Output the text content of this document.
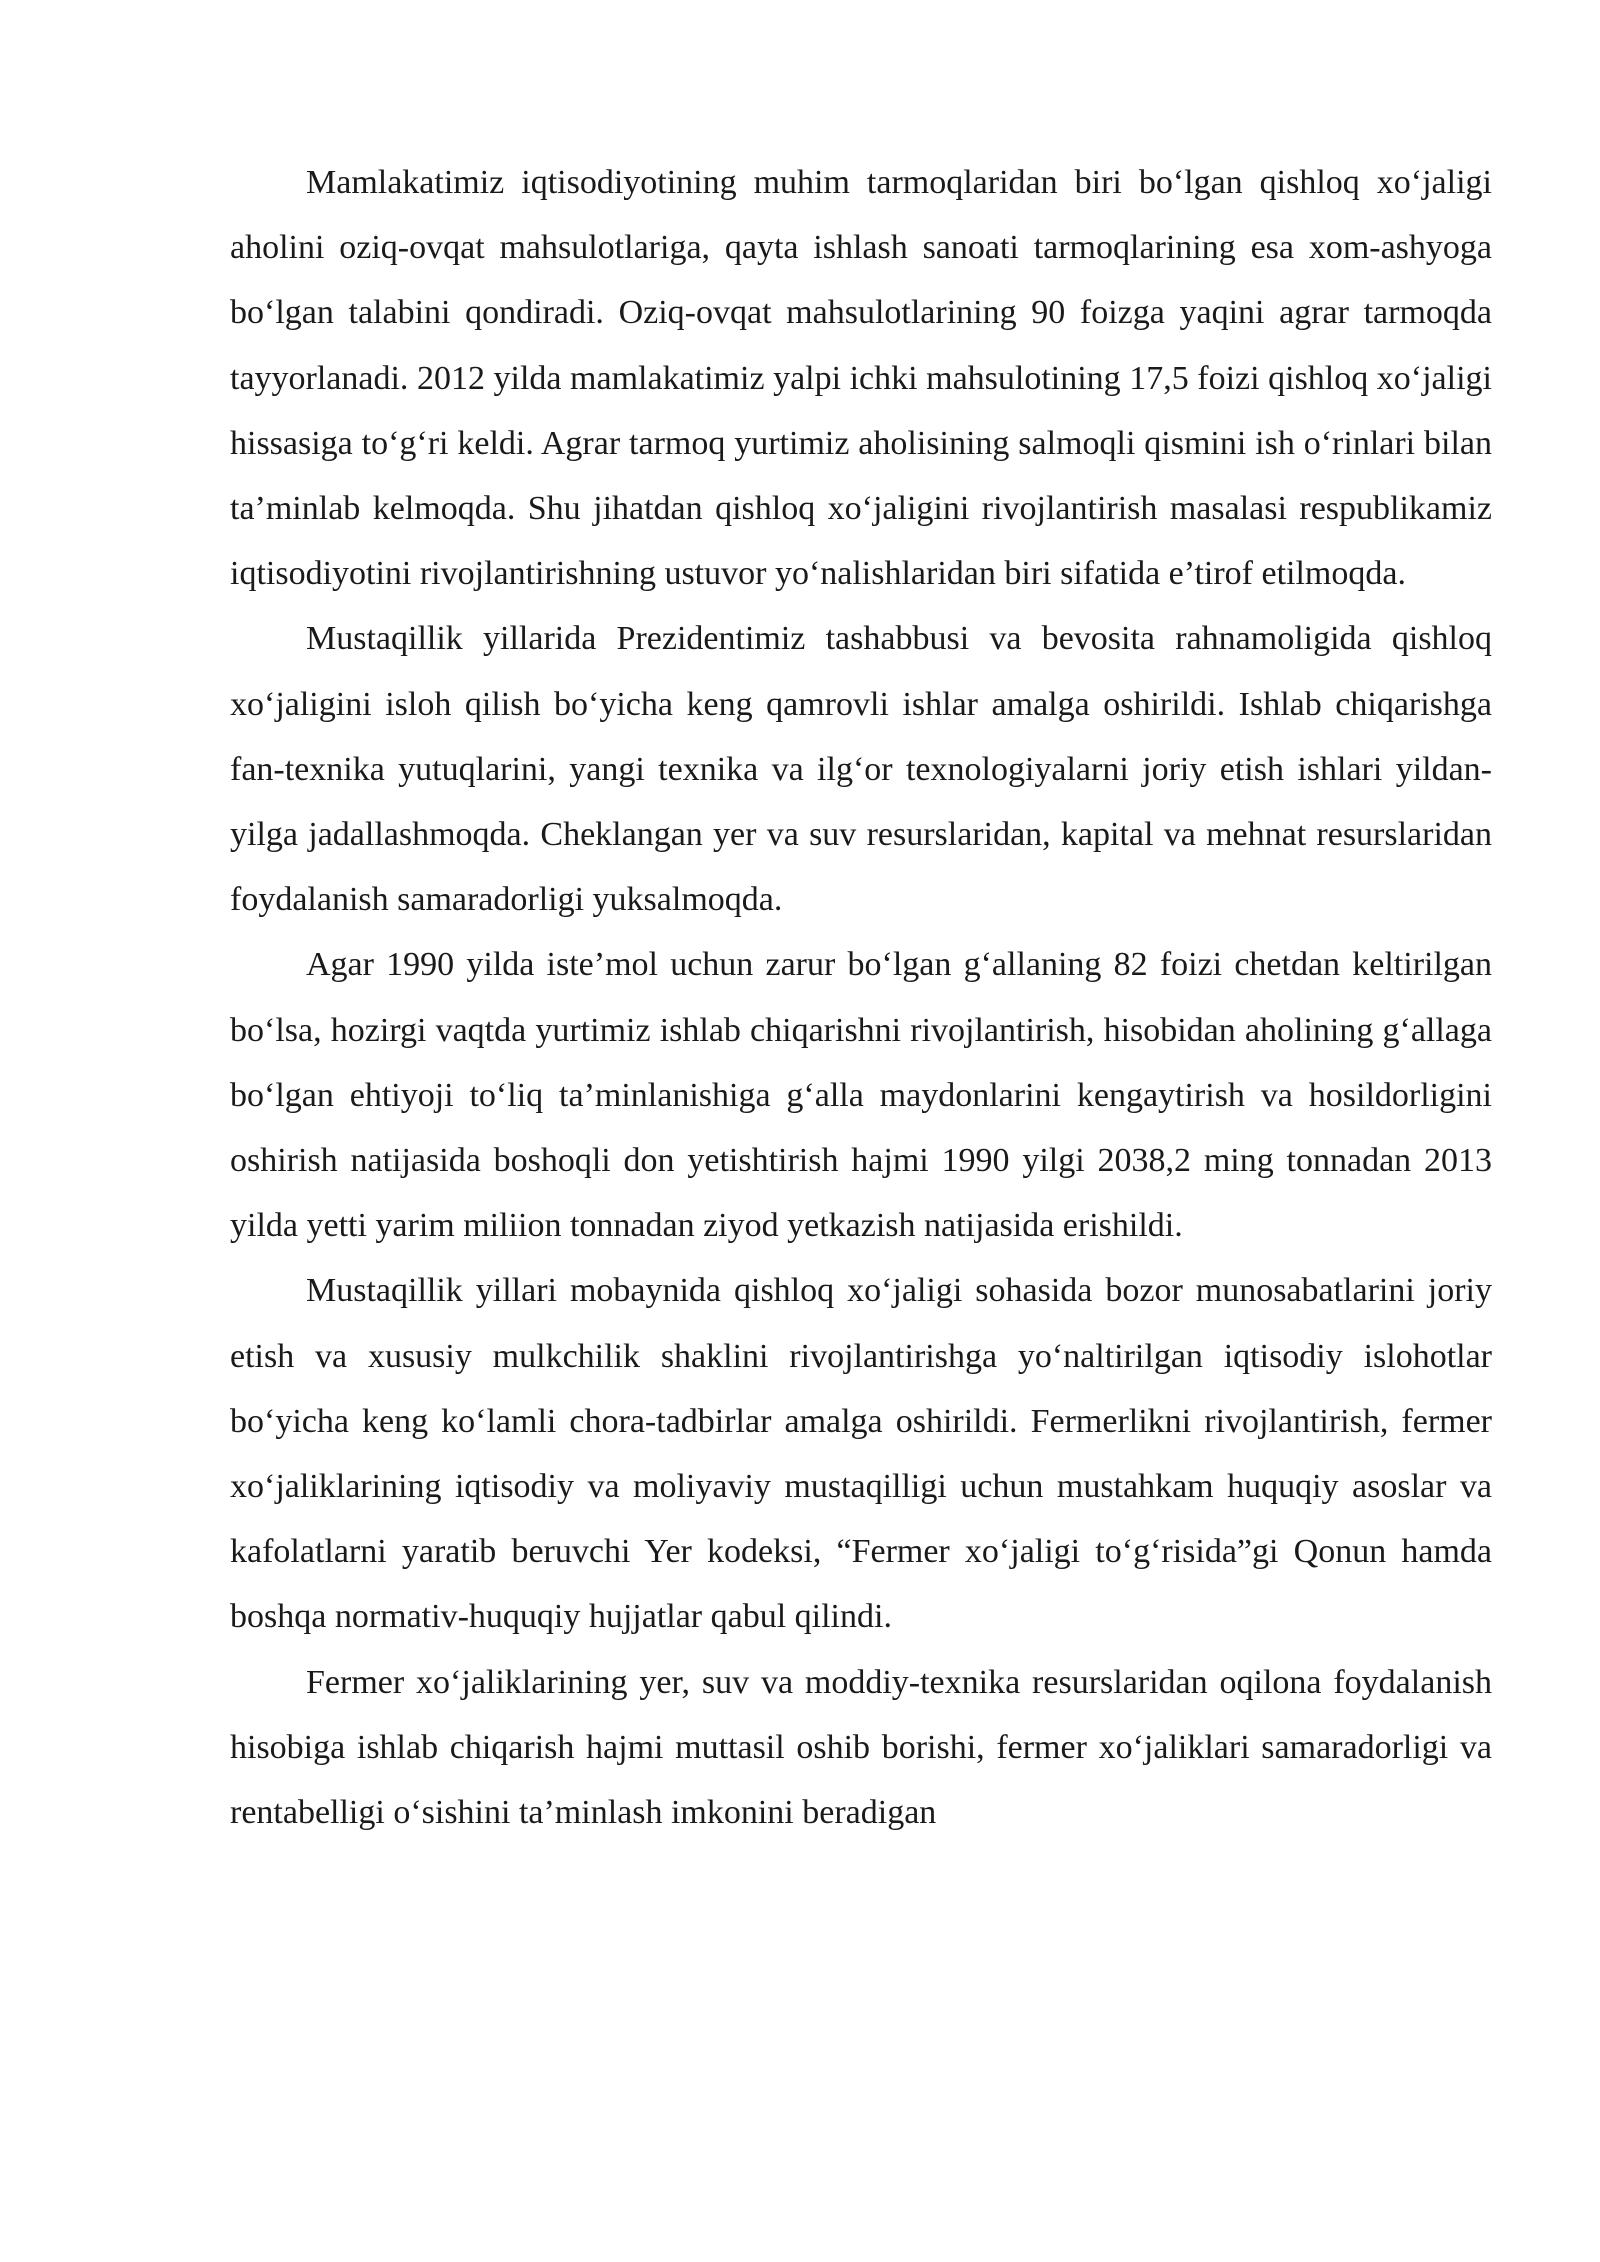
Mamlakatimiz iqtisodiyotining muhim tarmoqlaridan biri bo‘lgan qishloq xo‘jaligi aholini oziq-ovqat mahsulotlariga, qayta ishlash sanoati tarmoqlarining esa xom-ashyoga bo‘lgan talabini qondiradi. Oziq-ovqat mahsulotlarining 90 foizga yaqini agrar tarmoqda tayyorlanadi. 2012 yilda mamlakatimiz yalpi ichki mahsulotining 17,5 foizi qishloq xo‘jaligi hissasiga to‘g‘ri keldi. Agrar tarmoq yurtimiz aholisining salmoqli qismini ish o‘rinlari bilan ta’minlab kelmoqda. Shu jihatdan qishloq xo‘jaligini rivojlantirish masalasi respublikamiz iqtisodiyotini rivojlantirishning ustuvor yo‘nalishlaridan biri sifatida e’tirof etilmoqda.

Mustaqillik yillarida Prezidentimiz tashabbusi va bevosita rahnamoligida qishloq xo‘jaligini isloh qilish bo‘yicha keng qamrovli ishlar amalga oshirildi. Ishlab chiqarishga fan-texnika yutuqlarini, yangi texnika va ilg‘or texnologiyalarni joriy etish ishlari yildan-yilga jadallashmoqda. Cheklangan yer va suv resurslaridan, kapital va mehnat resurslaridan foydalanish samaradorligi yuksalmoqda.

Agar 1990 yilda iste’mol uchun zarur bo‘lgan g‘allaning 82 foizi chetdan keltirilgan bo‘lsa, hozirgi vaqtda yurtimiz ishlab chiqarishni rivojlantirish, hisobidan aholining g‘allaga bo‘lgan ehtiyoji to‘liq ta’minlanishiga g‘alla maydonlarini kengaytirish va hosildorligini oshirish natijasida boshoqli don yetishtirish hajmi 1990 yilgi 2038,2 ming tonnadan 2013 yilda yetti yarim miliion tonnadan ziyod yetkazish natijasida erishildi.

Mustaqillik yillari mobaynida qishloq xo‘jaligi sohasida bozor munosabatlarini joriy etish va xususiy mulkchilik shaklini rivojlantirishga yo‘naltirilgan iqtisodiy islohotlar bo‘yicha keng ko‘lamli chora-tadbirlar amalga oshirildi. Fermerlikni rivojlantirish, fermer xo‘jaliklarining iqtisodiy va moliyaviy mustaqilligi uchun mustahkam huquqiy asoslar va kafolatlarni yaratib beruvchi Yer kodeksi, “Fermer xo‘jaligi to‘g‘risida”gi Qonun hamda boshqa normativ-huquqiy hujjatlar qabul qilindi.

Fermer xo‘jaliklarining yer, suv va moddiy-texnika resurslaridan oqilona foydalanish hisobiga ishlab chiqarish hajmi muttasil oshib borishi, fermer xo‘jaliklari samaradorligi va rentabelligi o‘sishini ta’minlash imkonini beradigan
